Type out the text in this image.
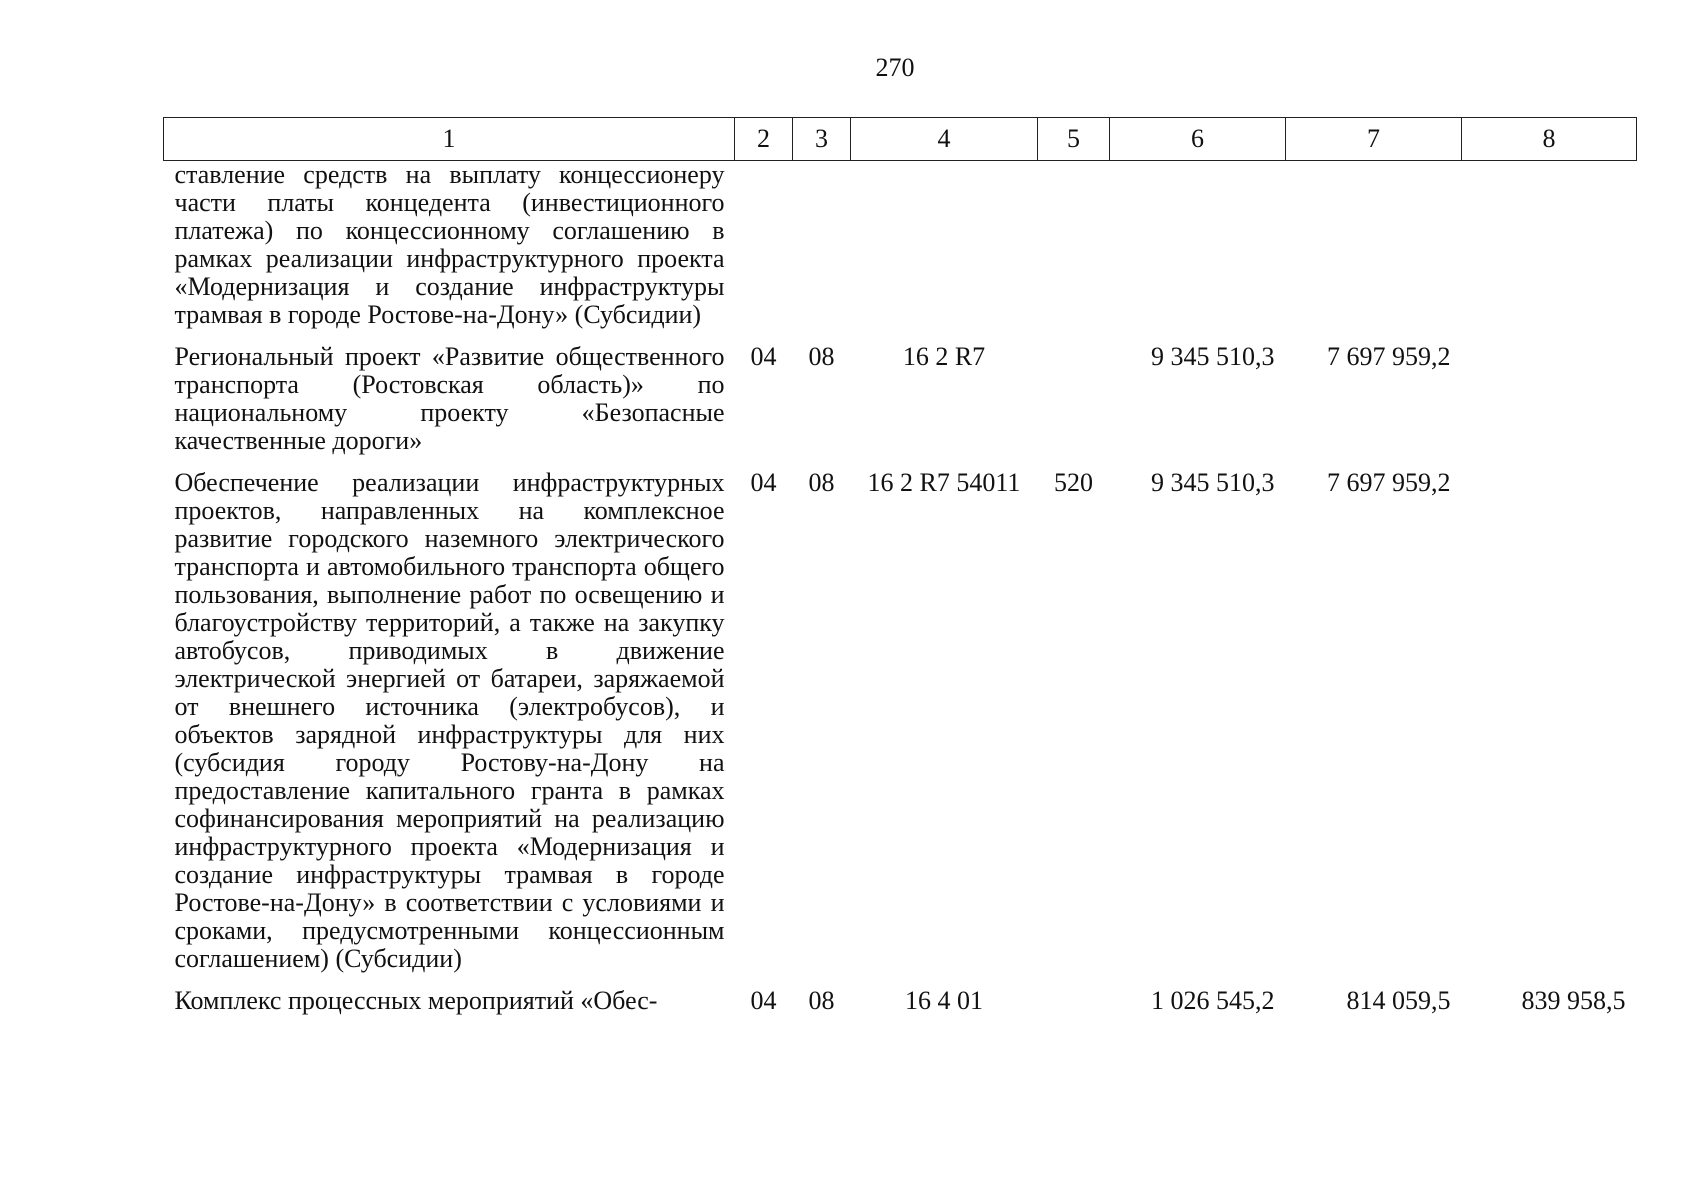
270
1	2	3	4	5	6	7	8
ставление средств на выплату концессионеру части платы концедента (инвестиционного платежа) по концессионному соглашению в рамках реализации инфраструктурного проекта «Модернизация и создание инфраструктуры трамвая в городе Ростове-на-Дону» (Субсидии)							
Региональный проект «Развитие общественного транспорта (Ростовская область)» по национальному проекту «Безопасные качественные дороги»	04	08	16 2 R7		9 345 510,3	7 697 959,2	
Обеспечение реализации инфраструктурных проектов, направленных на комплексное развитие городского наземного электрического транспорта и автомобильного транспорта общего пользования, выполнение работ по освещению и благоустройству территорий, а также на закупку автобусов, приводимых в движение электрической энергией от батареи, заряжаемой от внешнего источника (электробусов), и объектов зарядной инфраструктуры для них (субсидия городу Ростову-на-Дону на предоставление капитального гранта в рамках софинансирования мероприятий на реализацию инфраструктурного проекта «Модернизация и создание инфраструктуры трамвая в городе Ростове-на-Дону» в соответствии с условиями и сроками, предусмотренными концессионным соглашением) (Субсидии)	04	08	16 2 R7 54011	520	9 345 510,3	7 697 959,2	
Комплекс процессных мероприятий «Обес-	04	08	16 4 01		1 026 545,2	814 059,5	839 958,5
